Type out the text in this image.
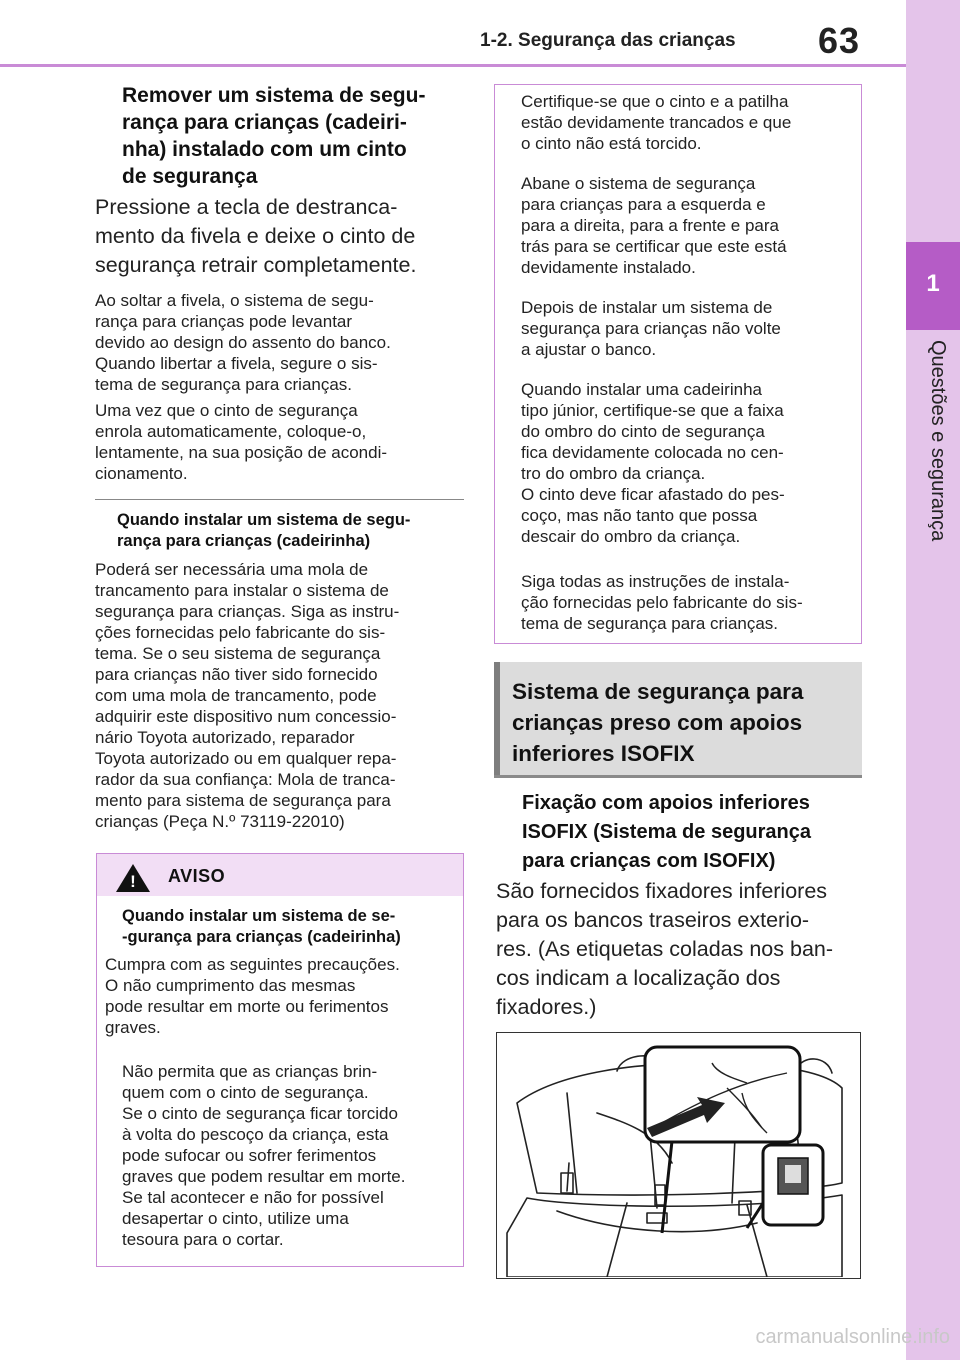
1-2. Segurança das crianças	63
1
Questões e segurança
Remover um sistema de segu-
rança para crianças (cadeiri-
nha) instalado com um cinto
de segurança
Pressione a tecla de destranca-
mento da fivela e deixe o cinto de
segurança retrair completamente.
Ao soltar a fivela, o sistema de segu-
rança para crianças pode levantar
devido ao design do assento do banco.
Quando libertar a fivela, segure o sis-
tema de segurança para crianças.
Uma vez que o cinto de segurança
enrola automaticamente, coloque-o,
lentamente, na sua posição de acondi-
cionamento.
Quando instalar um sistema de segu-
rança para crianças (cadeirinha)
Poderá ser necessária uma mola de
trancamento para instalar o sistema de
segurança para crianças. Siga as instru-
ções fornecidas pelo fabricante do sis-
tema. Se o seu sistema de segurança
para crianças não tiver sido fornecido
com uma mola de trancamento, pode
adquirir este dispositivo num concessio-
nário Toyota autorizado, reparador
Toyota autorizado ou em qualquer repa-
rador da sua confiança: Mola de tranca-
mento para sistema de segurança para
crianças (Peça N.º 73119-22010)
!	AVISO
Quando instalar um sistema de se-
-gurança para crianças (cadeirinha)
Cumpra com as seguintes precauções.
O não cumprimento das mesmas
pode resultar em morte ou ferimentos
graves.
Não permita que as crianças brin-
quem com o cinto de segurança.
Se o cinto de segurança ficar torcido
à volta do pescoço da criança, esta
pode sufocar ou sofrer ferimentos
graves que podem resultar em morte.
Se tal acontecer e não for possível
desapertar o cinto, utilize uma
tesoura para o cortar.
Certifique-se que o cinto e a patilha
estão devidamente trancados e que
o cinto não está torcido.
Abane o sistema de segurança
para crianças para a esquerda e
para a direita, para a frente e para
trás para se certificar que este está
devidamente instalado.
Depois de instalar um sistema de
segurança para crianças não volte
a ajustar o banco.
Quando instalar uma cadeirinha
tipo júnior, certifique-se que a faixa
do ombro do cinto de segurança
fica devidamente colocada no cen-
tro do ombro da criança.
O cinto deve ficar afastado do pes-
coço, mas não tanto que possa
descair do ombro da criança.
Siga todas as instruções de instala-
ção fornecidas pelo fabricante do sis-
tema de segurança para crianças.
Sistema de segurança para
crianças preso com apoios
inferiores ISOFIX
Fixação com apoios inferiores
ISOFIX (Sistema de segurança
para crianças com ISOFIX)
São fornecidos fixadores inferiores
para os bancos traseiros exterio-
res. (As etiquetas coladas nos ban-
cos indicam a localização dos
fixadores.)
carmanualsonline.info
